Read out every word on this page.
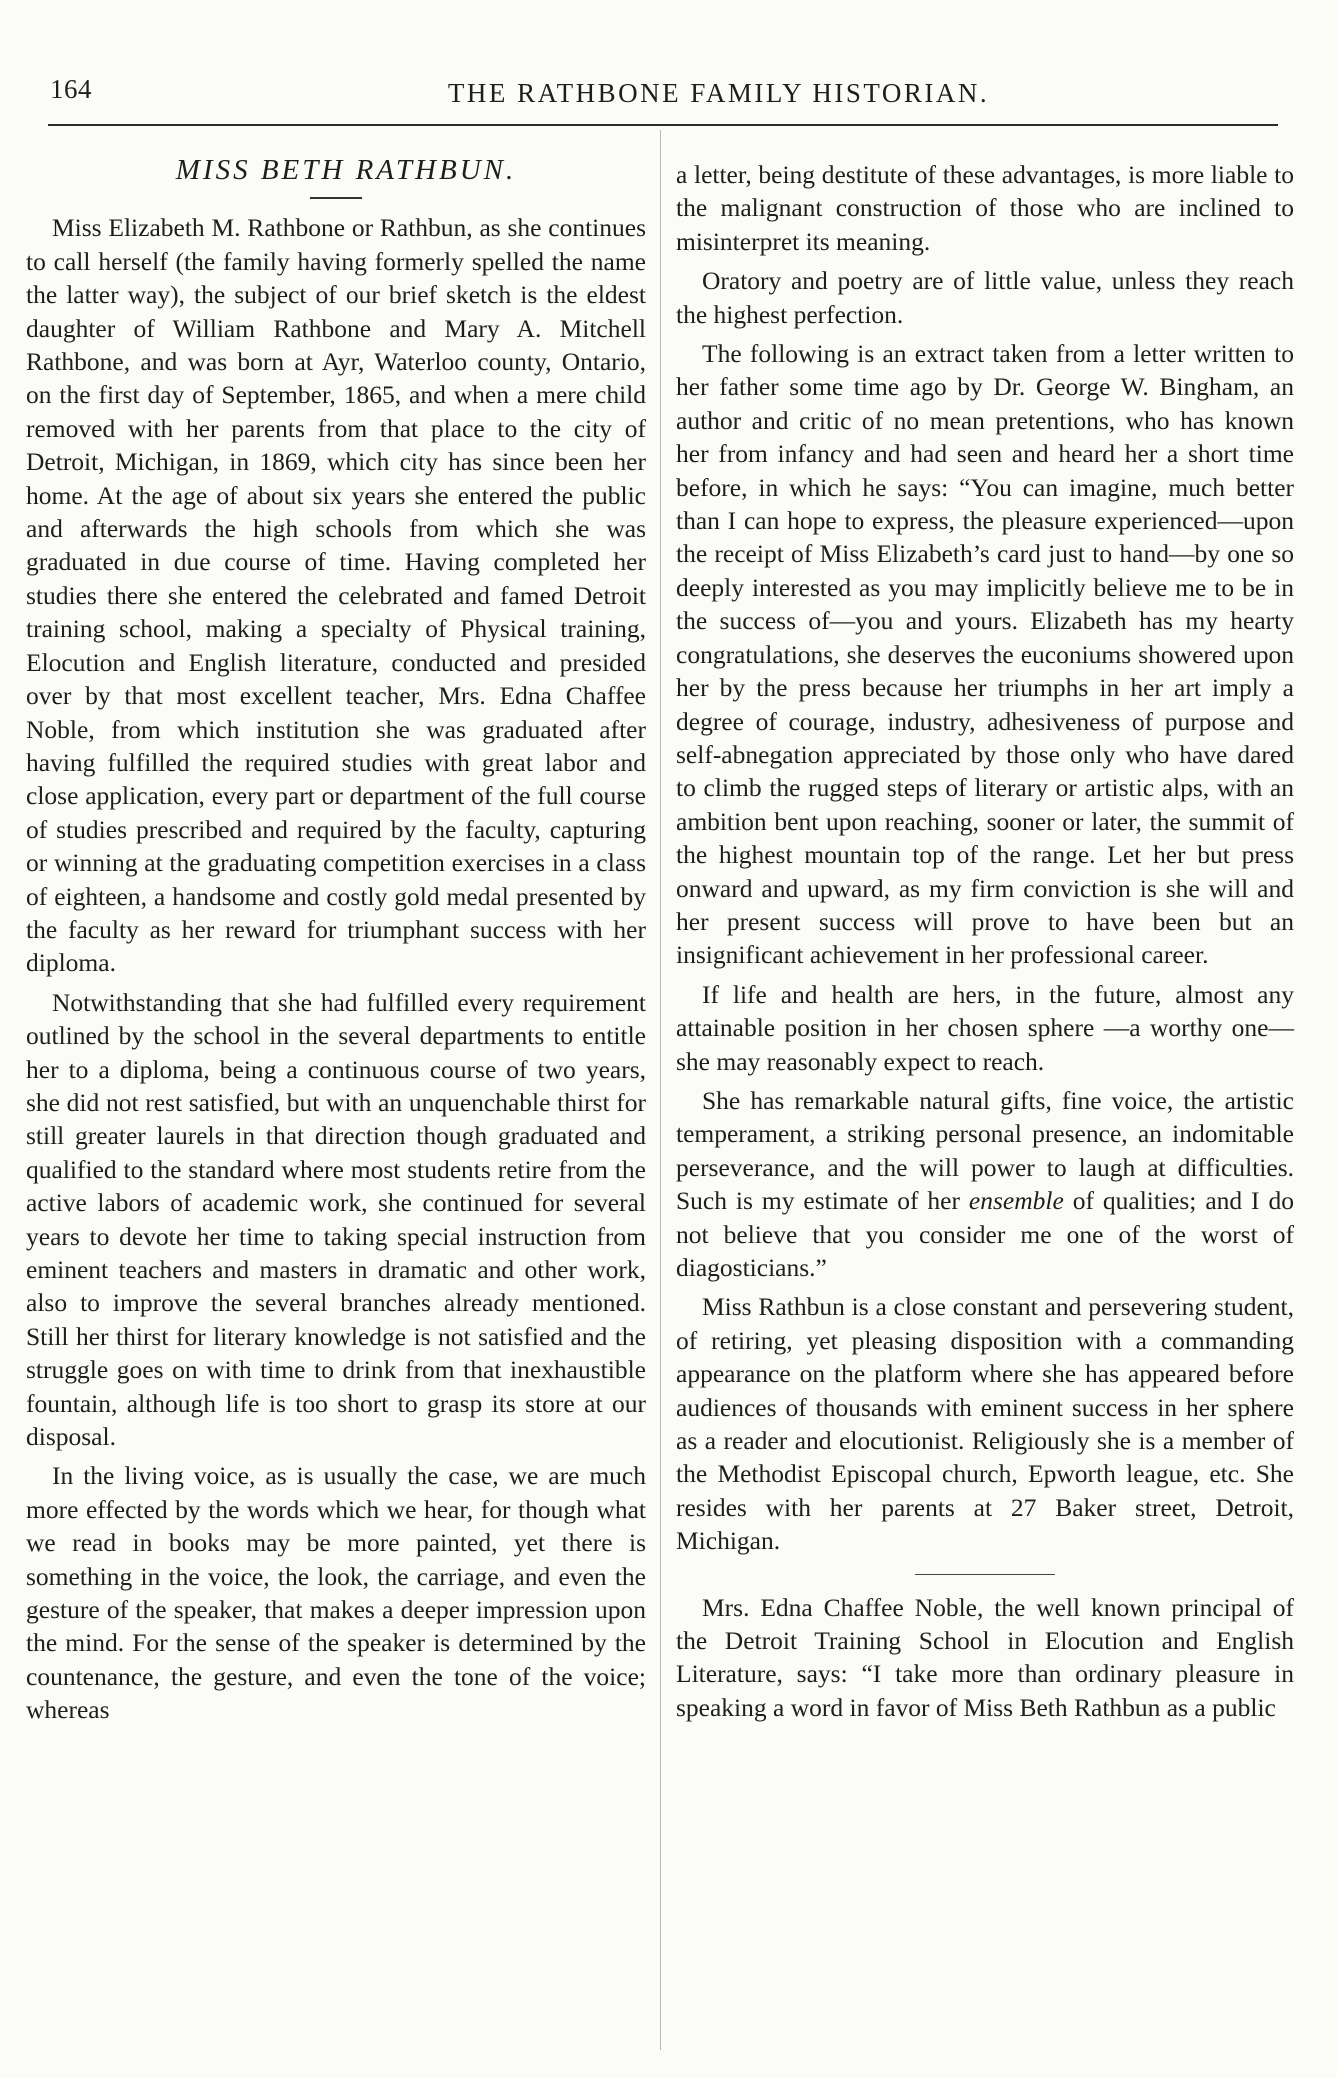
164	THE RATHBONE FAMILY HISTORIAN.
MISS BETH RATHBUN.

Miss Elizabeth M. Rathbone or Rathbun, as she continues to call herself (the family having formerly spelled the name the latter way), the subject of our brief sketch is the eldest daughter of William Rathbone and Mary A. Mitchell Rathbone, and was born at Ayr, Waterloo county, Ontario, on the first day of September, 1865, and when a mere child removed with her parents from that place to the city of Detroit, Michigan, in 1869, which city has since been her home. At the age of about six years she entered the public and afterwards the high schools from which she was graduated in due course of time. Having completed her studies there she entered the celebrated and famed Detroit training school, making a specialty of Physical training, Elocution and English literature, conducted and presided over by that most excellent teacher, Mrs. Edna Chaffee Noble, from which institution she was graduated after having fulfilled the required studies with great labor and close application, every part or department of the full course of studies prescribed and required by the faculty, capturing or winning at the graduating competition exercises in a class of eighteen, a handsome and costly gold medal presented by the faculty as her reward for triumphant success with her diploma.

Notwithstanding that she had fulfilled every requirement outlined by the school in the several departments to entitle her to a diploma, being a continuous course of two years, she did not rest satisfied, but with an unquenchable thirst for still greater laurels in that direction though graduated and qualified to the standard where most students retire from the active labors of academic work, she continued for several years to devote her time to taking special instruction from eminent teachers and masters in dramatic and other work, also to improve the several branches already mentioned. Still her thirst for literary knowledge is not satisfied and the struggle goes on with time to drink from that inexhaustible fountain, although life is too short to grasp its store at our disposal.

In the living voice, as is usually the case, we are much more effected by the words which we hear, for though what we read in books may be more painted, yet there is something in the voice, the look, the carriage, and even the gesture of the speaker, that makes a deeper impression upon the mind. For the sense of the speaker is determined by the countenance, the gesture, and even the tone of the voice; whereas

a letter, being destitute of these advantages, is more liable to the malignant construction of those who are inclined to misinterpret its meaning.

Oratory and poetry are of little value, unless they reach the highest perfection.

The following is an extract taken from a letter written to her father some time ago by Dr. George W. Bingham, an author and critic of no mean pretentions, who has known her from infancy and had seen and heard her a short time before, in which he says: “You can imagine, much better than I can hope to express, the pleasure experienced—upon the receipt of Miss Elizabeth’s card just to hand—by one so deeply interested as you may implicitly believe me to be in the success of—you and yours. Elizabeth has my hearty congratulations, she deserves the euconiums showered upon her by the press because her triumphs in her art imply a degree of courage, industry, adhesiveness of purpose and self-abnegation appreciated by those only who have dared to climb the rugged steps of literary or artistic alps, with an ambition bent upon reaching, sooner or later, the summit of the highest mountain top of the range. Let her but press onward and upward, as my firm conviction is she will and her present success will prove to have been but an insignificant achievement in her professional career.

If life and health are hers, in the future, almost any attainable position in her chosen sphere —a worthy one—she may reasonably expect to reach.

She has remarkable natural gifts, fine voice, the artistic temperament, a striking personal presence, an indomitable perseverance, and the will power to laugh at difficulties. Such is my estimate of her ensemble of qualities; and I do not believe that you consider me one of the worst of diagosticians.”

Miss Rathbun is a close constant and persevering student, of retiring, yet pleasing disposition with a commanding appearance on the platform where she has appeared before audiences of thousands with eminent success in her sphere as a reader and elocutionist. Religiously she is a member of the Methodist Episcopal church, Epworth league, etc. She resides with her parents at 27 Baker street, Detroit, Michigan.

Mrs. Edna Chaffee Noble, the well known principal of the Detroit Training School in Elocution and English Literature, says: “I take more than ordinary pleasure in speaking a word in favor of Miss Beth Rathbun as a public
